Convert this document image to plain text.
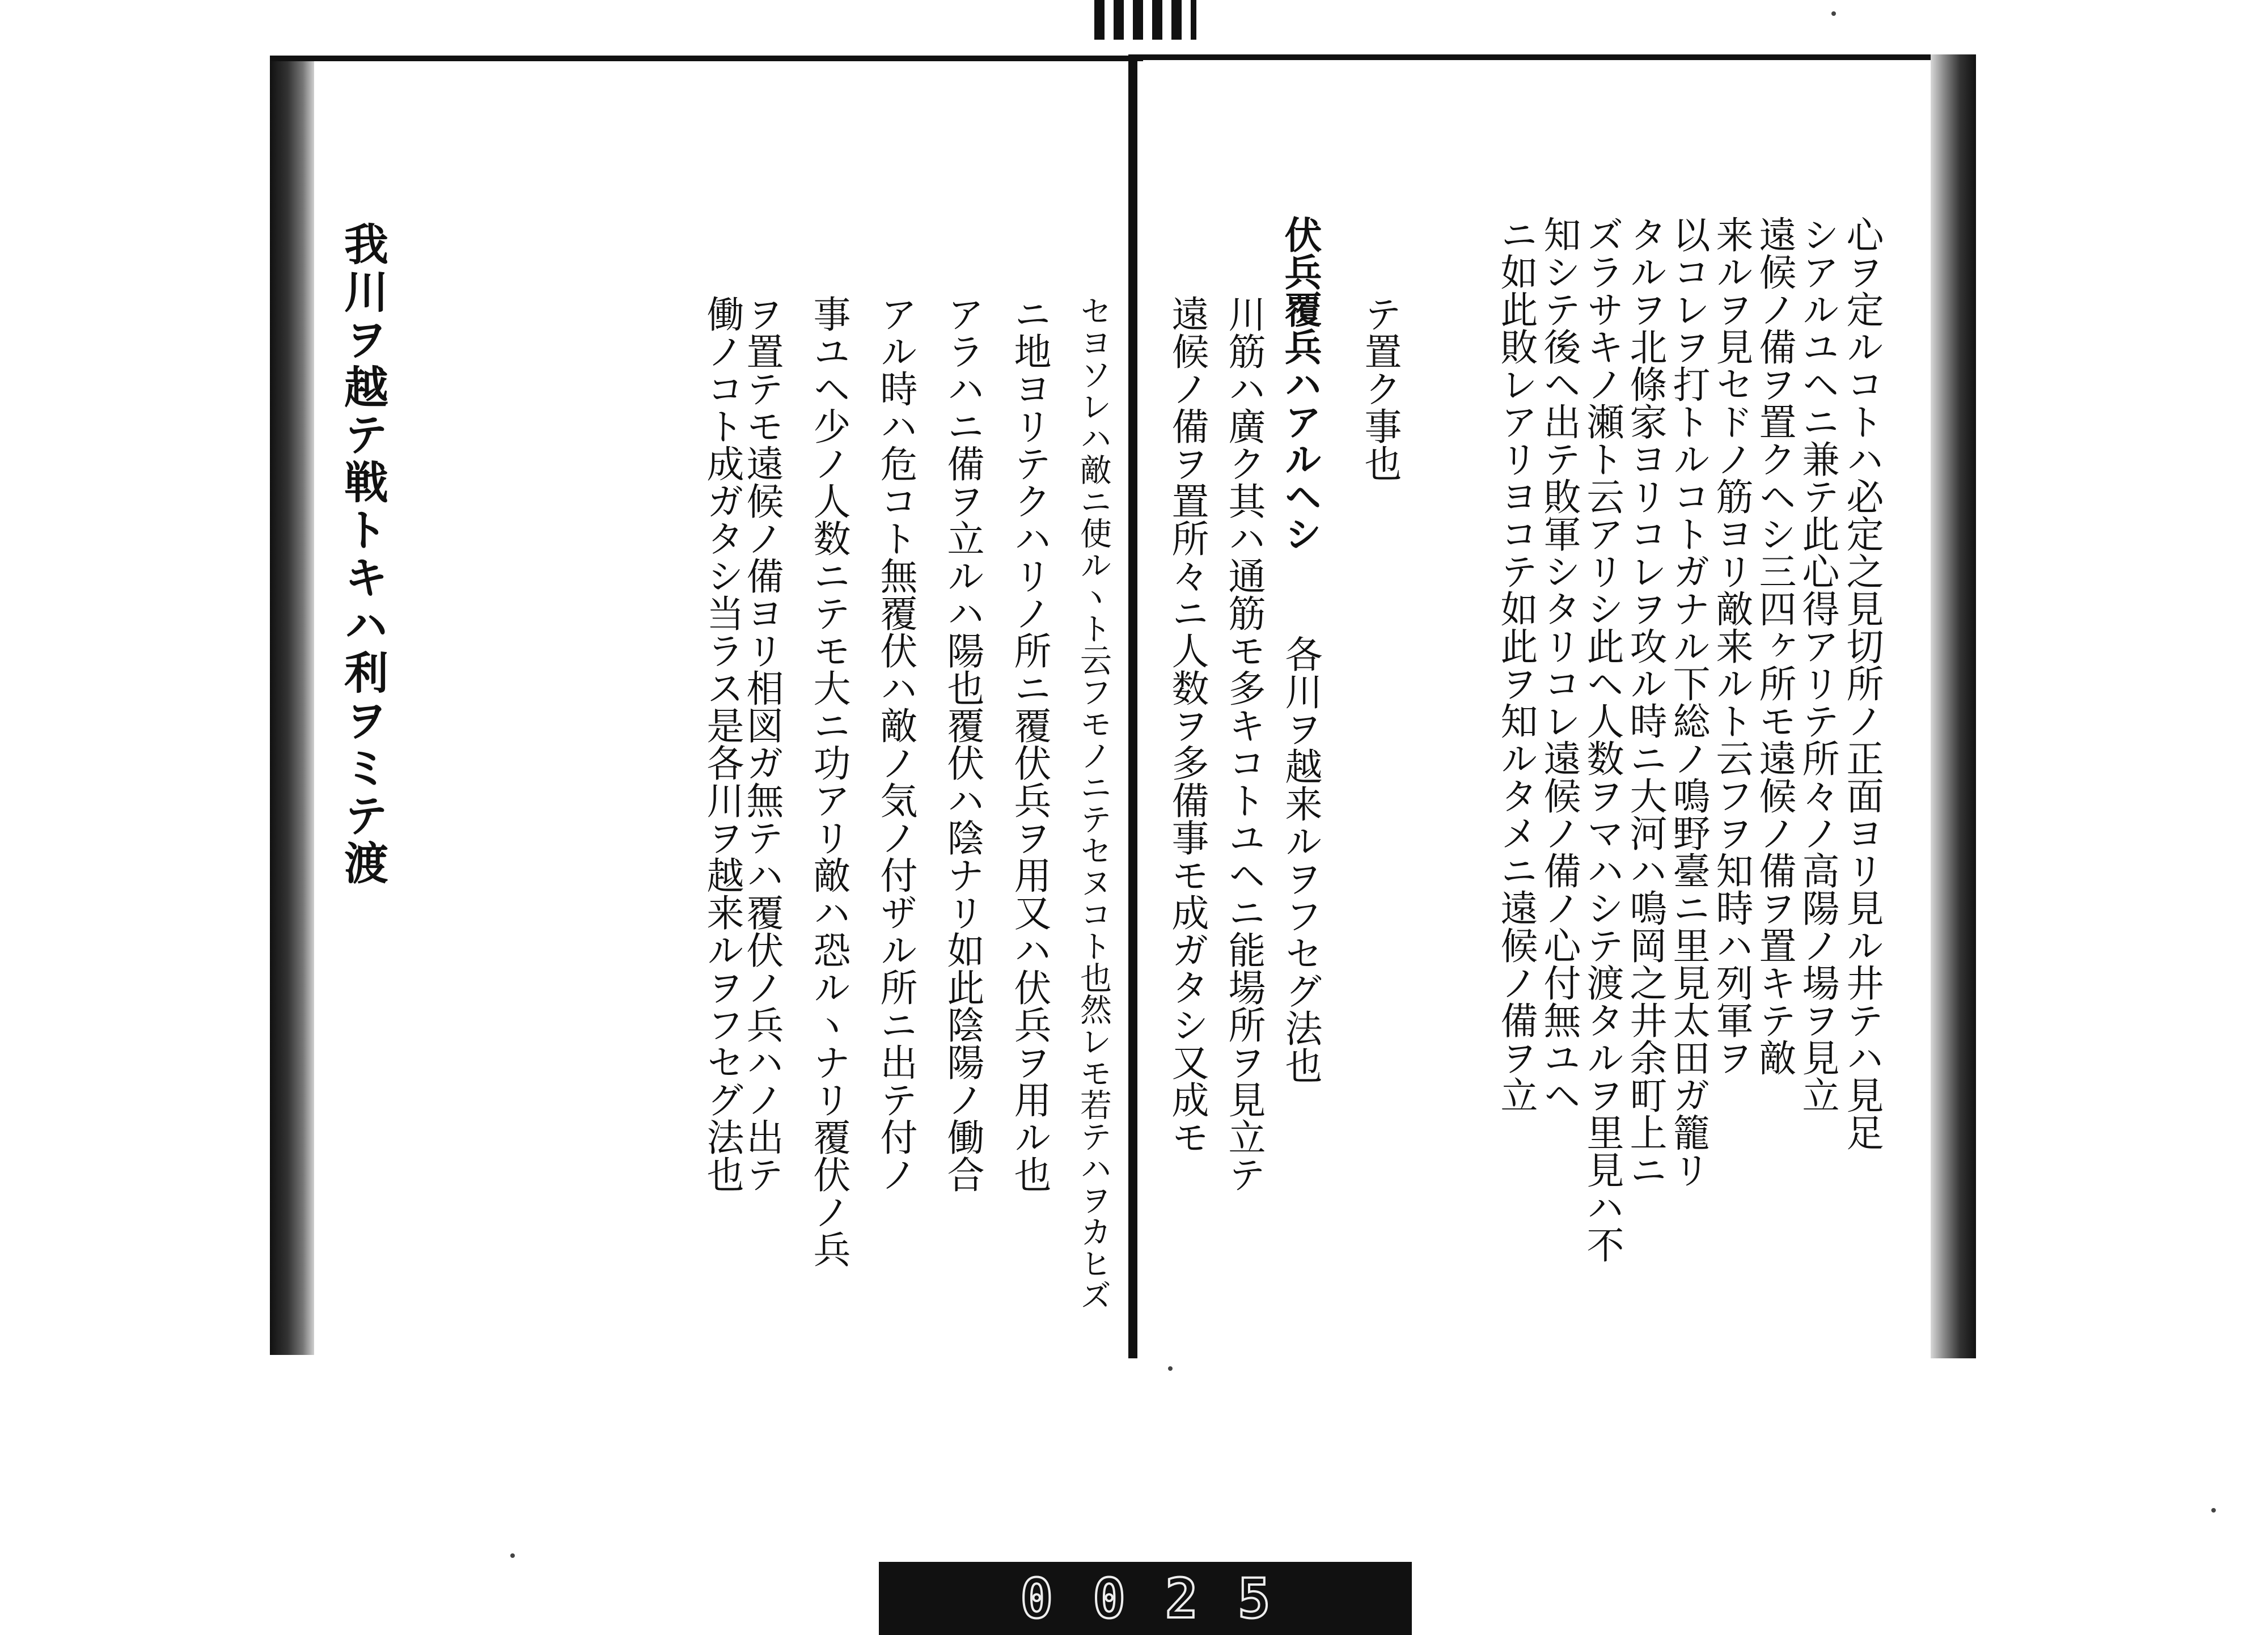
我川ヲ越テ戦トキハ利ヲミテ渡	セヨソレハ敵ニ使ルヽト云フモノニテセヌコト也然レモ若テハヲカヒズ
ニ地ヨリテクハリノ所ニ覆伏兵ヲ用又ハ伏兵ヲ用ル也
アラハニ備ヲ立ルハ陽也覆伏ハ陰ナリ如此陰陽ノ働合
アル時ハ危コト無覆伏ハ敵ノ気ノ付ザル所ニ出テ付ノ
事ユヘ少ノ人数ニテモ大ニ功アリ敵ハ恐ルヽナリ覆伏ノ兵
ヲ置テモ遠候ノ備ヨリ相図ガ無テハ覆伏ノ兵ハノ出テ
働ノコト成ガタシ当ラス是各川ヲ越来ルヲフセグ法也	心ヲ定ルコトハ必定之見切所ノ正面ヨリ見ル井テハ見足
シアルユヘニ兼テ此心得アリテ所々ノ高陽ノ場ヲ見立
遠候ノ備ヲ置クヘシ三四ヶ所モ遠候ノ備ヲ置キテ敵
来ルヲ見セドノ筋ヨリ敵来ルト云フヲ知時ハ列軍ヲ
以コレヲ打トルコトガナル下総ノ鳴野臺ニ里見太田ガ籠リ
タルヲ北條家ヨリコレヲ攻ル時ニ大河ハ鳴岡之井余町上ニ
ズラサキノ瀬ト云アリシ此ヘ人数ヲマハシテ渡タルヲ里見ハ不
知シテ後ヘ出テ敗軍シタリコレ遠候ノ備ノ心付無ユヘ
ニ如此敗レアリヨコテ如此ヲ知ルタメニ遠候ノ備ヲ立
テ置ク事也
伏兵覆兵ハアルヘシ
各川ヲ越来ルヲフセグ法也
川筋ハ廣ク其ハ通筋モ多キコトユヘニ能場所ヲ見立テ
遠候ノ備ヲ置所々ニ人数ヲ多備事モ成ガタシ又成モ
0 0 2 5
